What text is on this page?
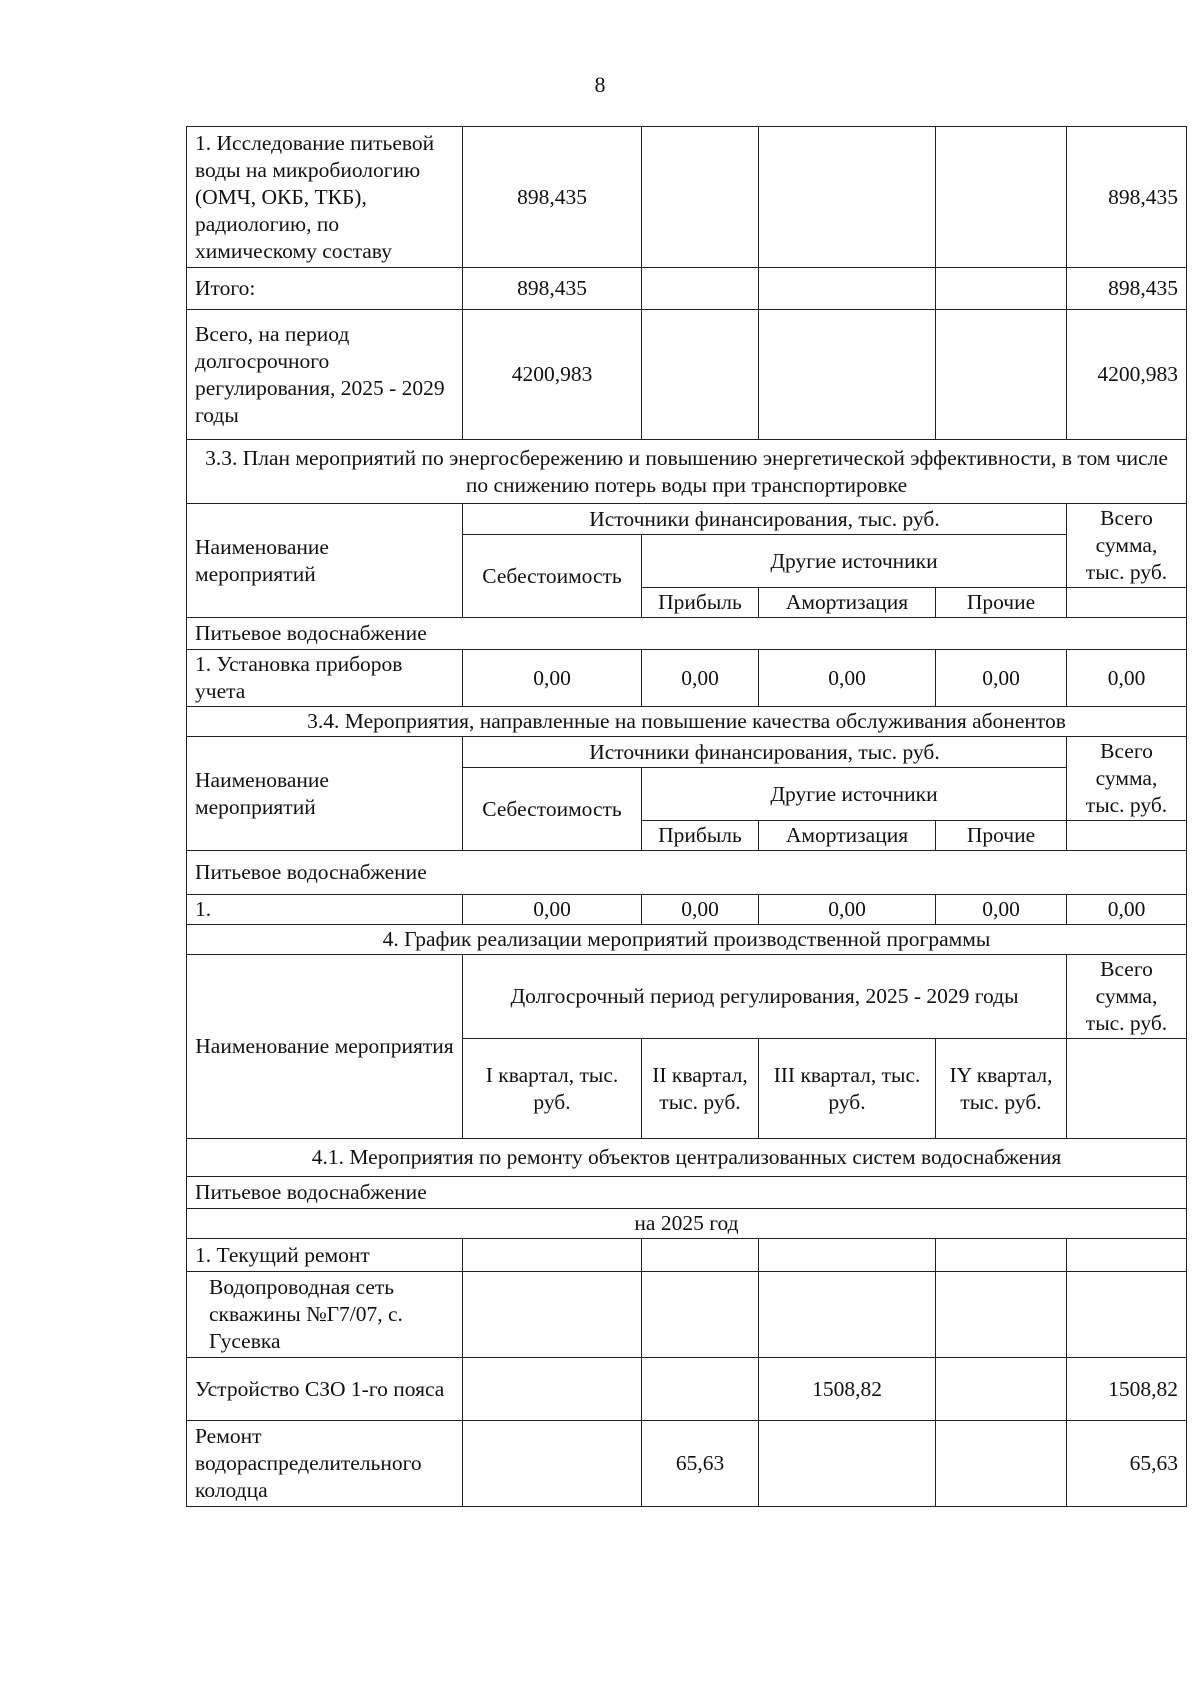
8
1. Исследование питьевой воды на микробиологию (ОМЧ, ОКБ, ТКБ), радиологию, по химическому составу	898,435				898,435
Итого:	898,435				898,435
Всего, на период долгосрочного регулирования, 2025 - 2029 годы	4200,983				4200,983
3.3. План мероприятий по энергосбережению и повышению энергетической эффективности, в том числе по снижению потерь воды при транспортировке					
Наименование мероприятий	Источники финансирования, тыс. руб.				Всего сумма, тыс. руб.
	Себестоимость	Другие источники			
		Прибыль	Амортизация	Прочие	
Питьевое водоснабжение					
1. Установка приборов учета	0,00	0,00	0,00	0,00	0,00
3.4. Мероприятия, направленные на повышение качества обслуживания абонентов					
Наименование мероприятий	Источники финансирования, тыс. руб.				Всего сумма, тыс. руб.
	Себестоимость	Другие источники			
		Прибыль	Амортизация	Прочие	
Питьевое водоснабжение					
1.	0,00	0,00	0,00	0,00	0,00
4. График реализации мероприятий производственной программы					
Наименование мероприятия	Долгосрочный период регулирования, 2025 - 2029 годы				Всего сумма, тыс. руб.
	I квартал, тыс. руб.	II квартал, тыс. руб.	III квартал, тыс. руб.	IY квартал, тыс. руб.	
4.1. Мероприятия по ремонту объектов централизованных систем водоснабжения					
Питьевое водоснабжение					
на 2025 год					
1. Текущий ремонт					
Водопроводная сеть скважины №Г7/07, с. Гусевка					
Устройство СЗО 1-го пояса			1508,82		1508,82
Ремонт водораспределительного колодца		65,63			65,63
